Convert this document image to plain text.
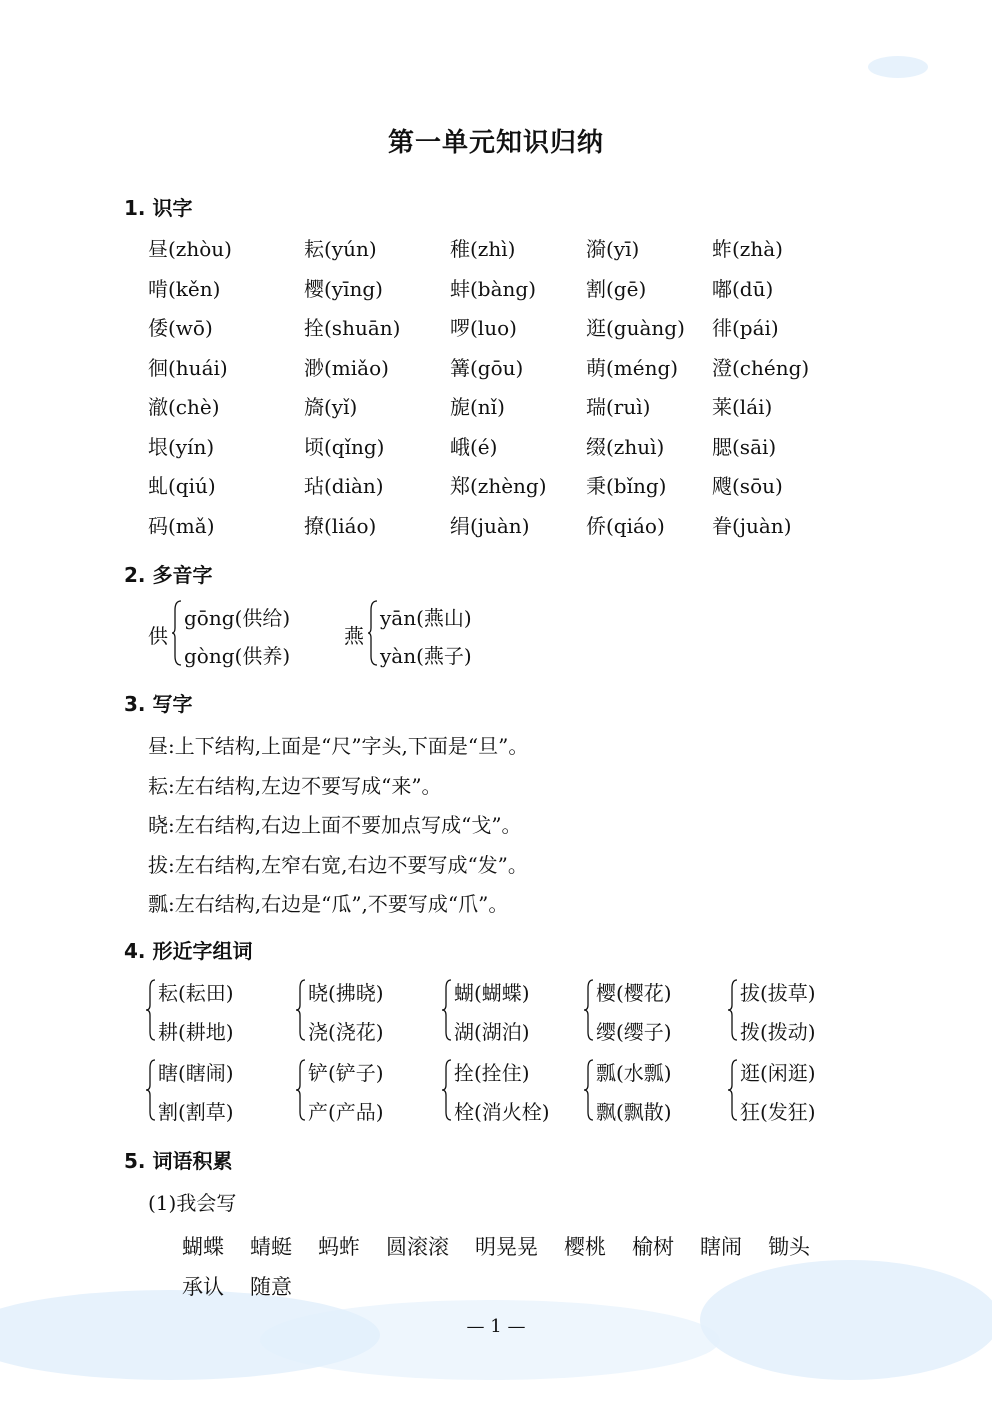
第一单元知识归纳
1. 识字
昼(zhòu)	耘(yún)	稚(zhì)	漪(yī)	蚱(zhà)
啃(kěn)	樱(yīng)	蚌(bàng) 割(gē)	嘟(dū)
倭(wō)	拴(shuān) 啰(luo)	逛(guàng) 徘(pái)
徊(huái)	渺(miǎo)	篝(gōu)	萌(méng) 澄(chéng)
澈(chè)	旖(yǐ)	旎(nǐ)	瑞(ruì)	莱(lái)
垠(yín)	顷(qǐng)	峨(é)	缀(zhuì) 腮(sāi)
虬(qiú)	玷(diàn)	郑(zhèng) 秉(bǐng) 飕(sōu)
码(mǎ)	撩(liáo)	绢(juàn)	侨(qiáo) 眷(juàn)
2. 多音字
供
gōng(供给)
gòng(供养)
燕
yān(燕山)
yàn(燕子)
3. 写字
昼:上下结构,上面是“尺”字头,下面是“旦”。
耘:左右结构,左边不要写成“来”。
晓:左右结构,右边上面不要加点写成“戈”。
拔:左右结构,左窄右宽,右边不要写成“发”。
瓢:左右结构,右边是“瓜”,不要写成“爪”。
4. 形近字组词
耘(耘田)
耕(耕地)
晓(拂晓)
浇(浇花)
蝴(蝴蝶)
湖(湖泊)
樱(樱花)
缨(缨子)
拔(拔草)
拨(拨动)
瞎(瞎闹)
割(割草)
铲(铲子)
产(产品)
拴(拴住)
栓(消火栓)
瓢(水瓢)
飘(飘散)
逛(闲逛)
狂(发狂)
5. 词语积累
(1)我会写
蝴蝶 蜻蜓 蚂蚱 圆滚滚 明晃晃 樱桃 榆树 瞎闹 锄头承认 随意
— 1 —
